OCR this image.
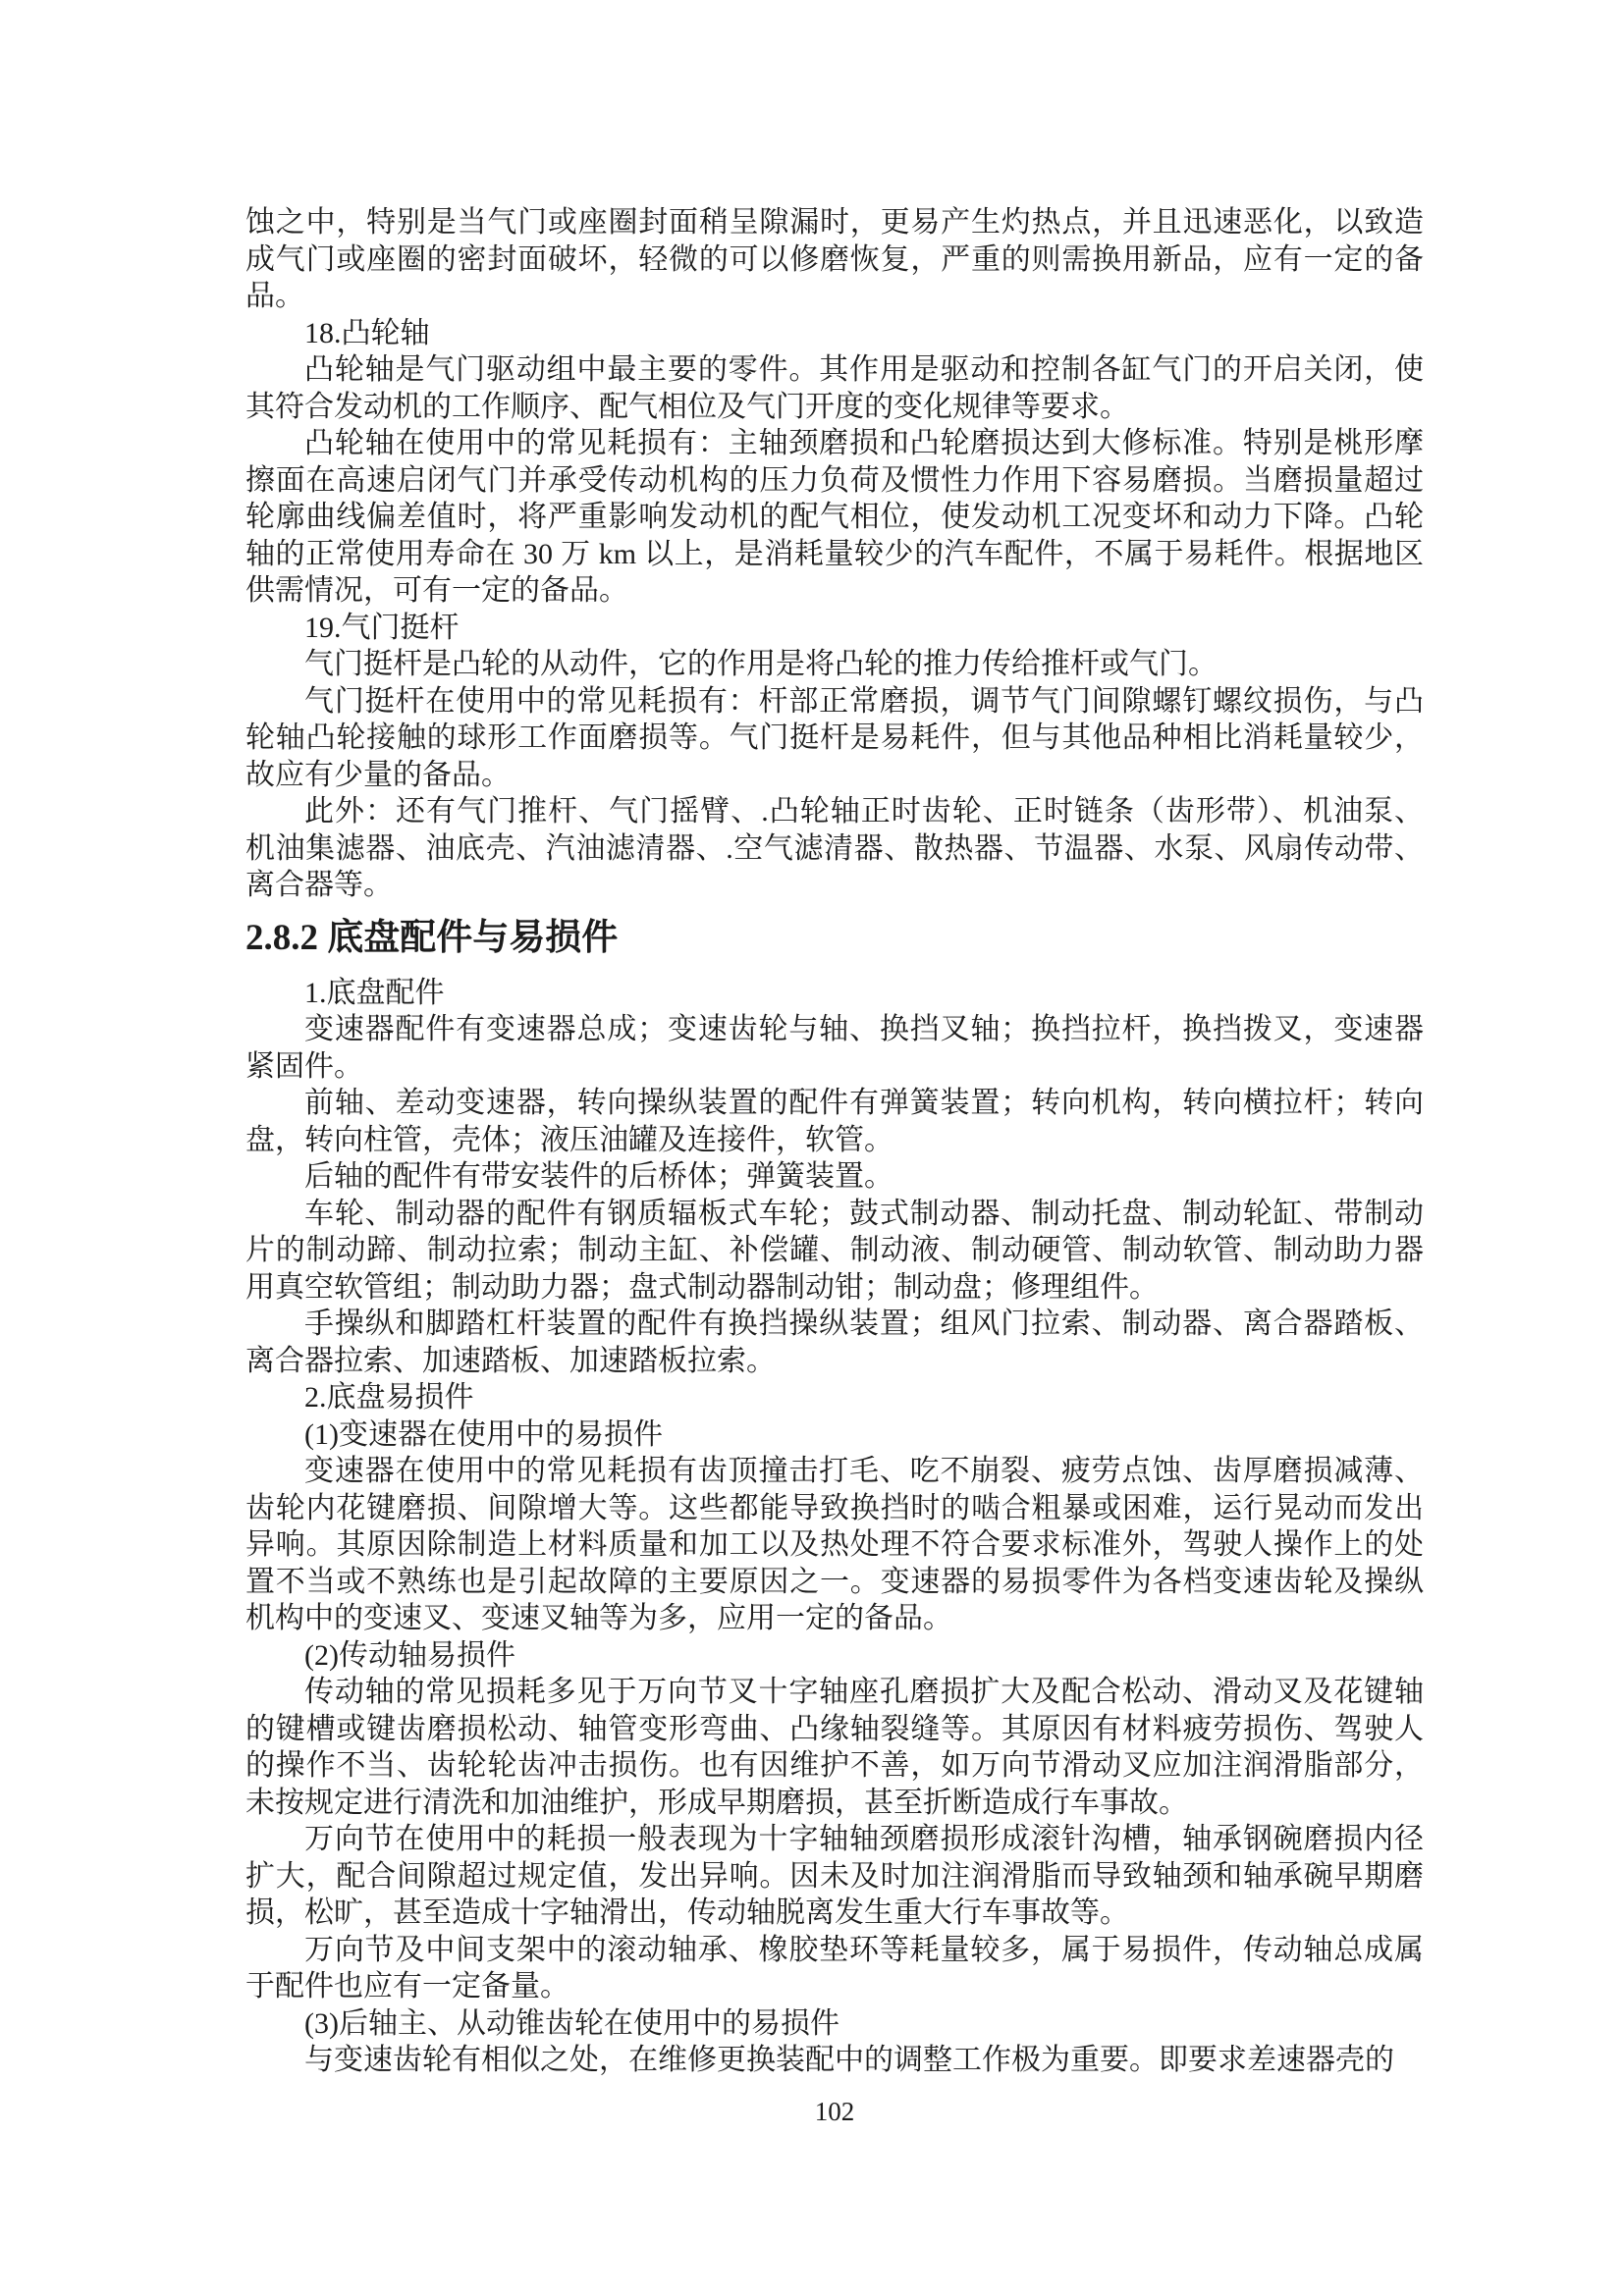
蚀之中，特别是当气门或座圈封面稍呈隙漏时，更易产生灼热点，并且迅速恶化，以致造
成气门或座圈的密封面破坏，轻微的可以修磨恢复，严重的则需换用新品，应有一定的备
品。
18.凸轮轴
凸轮轴是气门驱动组中最主要的零件。其作用是驱动和控制各缸气门的开启关闭，使
其符合发动机的工作顺序、配气相位及气门开度的变化规律等要求。
凸轮轴在使用中的常见耗损有：主轴颈磨损和凸轮磨损达到大修标准。特别是桃形摩
擦面在高速启闭气门并承受传动机构的压力负荷及惯性力作用下容易磨损。当磨损量超过
轮廓曲线偏差值时，将严重影响发动机的配气相位，使发动机工况变坏和动力下降。凸轮
轴的正常使用寿命在 30 万 km 以上，是消耗量较少的汽车配件，不属于易耗件。根据地区
供需情况，可有一定的备品。
19.气门挺杆
气门挺杆是凸轮的从动件，它的作用是将凸轮的推力传给推杆或气门。
气门挺杆在使用中的常见耗损有：杆部正常磨损，调节气门间隙螺钉螺纹损伤，与凸
轮轴凸轮接触的球形工作面磨损等。气门挺杆是易耗件，但与其他品种相比消耗量较少，
故应有少量的备品。
此外：还有气门推杆、气门摇臂、.凸轮轴正时齿轮、正时链条（齿形带）、机油泵、
机油集滤器、油底壳、汽油滤清器、.空气滤清器、散热器、节温器、水泵、风扇传动带、
离合器等。
2.8.2 底盘配件与易损件
1.底盘配件
变速器配件有变速器总成；变速齿轮与轴、换挡叉轴；换挡拉杆，换挡拨叉，变速器
紧固件。
前轴、差动变速器，转向操纵装置的配件有弹簧装置；转向机构，转向横拉杆；转向
盘，转向柱管，壳体；液压油罐及连接件，软管。
后轴的配件有带安装件的后桥体；弹簧装置。
车轮、制动器的配件有钢质辐板式车轮；鼓式制动器、制动托盘、制动轮缸、带制动
片的制动蹄、制动拉索；制动主缸、补偿罐、制动液、制动硬管、制动软管、制动助力器
用真空软管组；制动助力器；盘式制动器制动钳；制动盘；修理组件。
手操纵和脚踏杠杆装置的配件有换挡操纵装置；组风门拉索、制动器、离合器踏板、
离合器拉索、加速踏板、加速踏板拉索。
2.底盘易损件
(1)变速器在使用中的易损件
变速器在使用中的常见耗损有齿顶撞击打毛、吃不崩裂、疲劳点蚀、齿厚磨损减薄、
齿轮内花键磨损、间隙增大等。这些都能导致换挡时的啮合粗暴或困难，运行晃动而发出
异响。其原因除制造上材料质量和加工以及热处理不符合要求标准外，驾驶人操作上的处
置不当或不熟练也是引起故障的主要原因之一。变速器的易损零件为各档变速齿轮及操纵
机构中的变速叉、变速叉轴等为多，应用一定的备品。
(2)传动轴易损件
传动轴的常见损耗多见于万向节叉十字轴座孔磨损扩大及配合松动、滑动叉及花键轴
的键槽或键齿磨损松动、轴管变形弯曲、凸缘轴裂缝等。其原因有材料疲劳损伤、驾驶人
的操作不当、齿轮轮齿冲击损伤。也有因维护不善，如万向节滑动叉应加注润滑脂部分，
未按规定进行清洗和加油维护，形成早期磨损，甚至折断造成行车事故。
万向节在使用中的耗损一般表现为十字轴轴颈磨损形成滚针沟槽，轴承钢碗磨损内径
扩大，配合间隙超过规定值，发出异响。因未及时加注润滑脂而导致轴颈和轴承碗早期磨
损，松旷，甚至造成十字轴滑出，传动轴脱离发生重大行车事故等。
万向节及中间支架中的滚动轴承、橡胶垫环等耗量较多，属于易损件，传动轴总成属
于配件也应有一定备量。
(3)后轴主、从动锥齿轮在使用中的易损件
与变速齿轮有相似之处，在维修更换装配中的调整工作极为重要。即要求差速器壳的
102
